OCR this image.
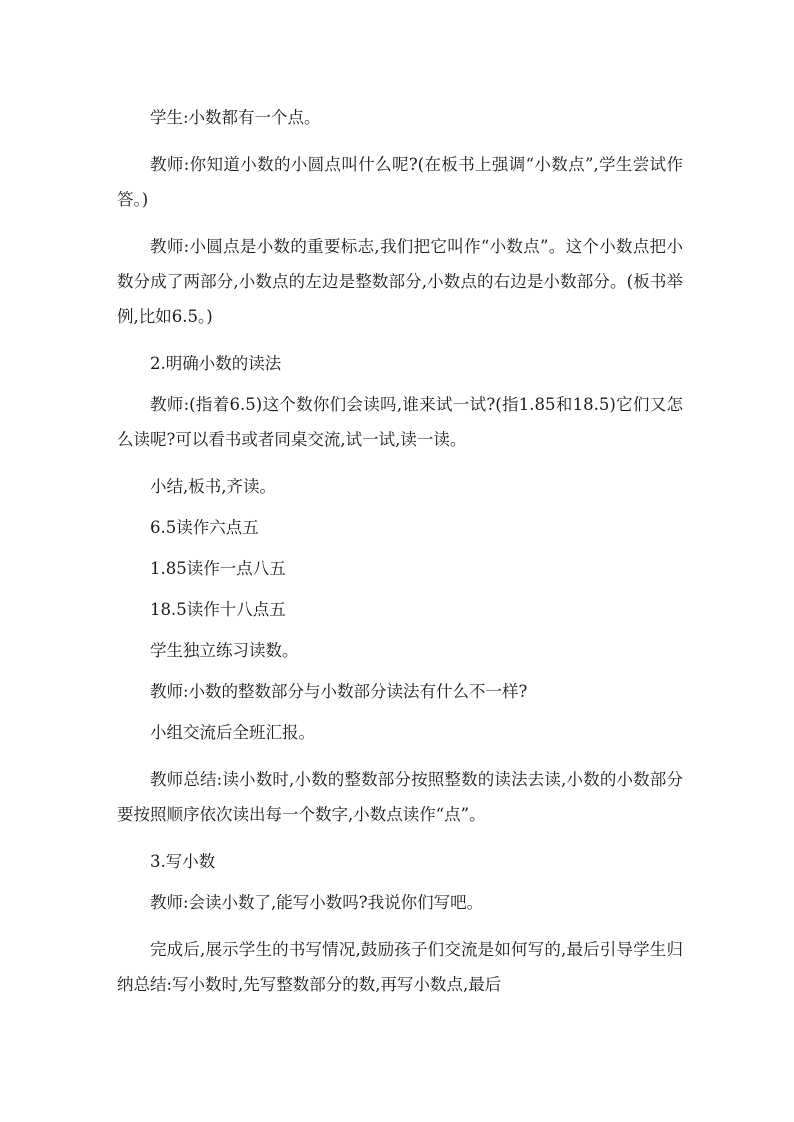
学生:小数都有一个点。

教师:你知道小数的小圆点叫什么呢?(在板书上强调“小数点”,学生尝试作答。)

教师:小圆点是小数的重要标志,我们把它叫作“小数点”。这个小数点把小数分成了两部分,小数点的左边是整数部分,小数点的右边是小数部分。(板书举例,比如6.5。)

2.明确小数的读法

教师:(指着6.5)这个数你们会读吗,谁来试一试?(指1.85和18.5)它们又怎么读呢?可以看书或者同桌交流,试一试,读一读。

小结,板书,齐读。

6.5读作六点五

1.85读作一点八五

18.5读作十八点五

学生独立练习读数。

教师:小数的整数部分与小数部分读法有什么不一样?

小组交流后全班汇报。

教师总结:读小数时,小数的整数部分按照整数的读法去读,小数的小数部分要按照顺序依次读出每一个数字,小数点读作“点”。

3.写小数

教师:会读小数了,能写小数吗?我说你们写吧。

完成后,展示学生的书写情况,鼓励孩子们交流是如何写的,最后引导学生归纳总结:写小数时,先写整数部分的数,再写小数点,最后
